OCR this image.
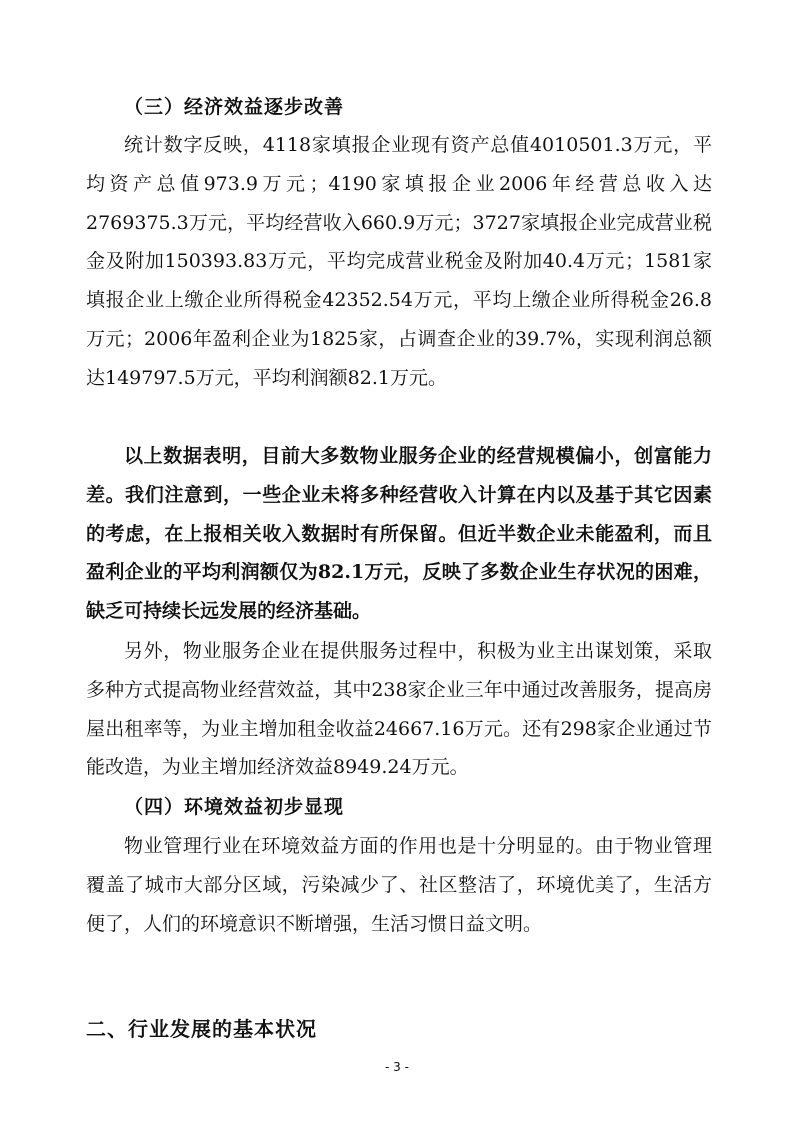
（三）经济效益逐步改善
统计数字反映，4118家填报企业现有资产总值4010501.3万元，平均资产总值973.9万元；4190家填报企业2006年经营总收入达2769375.3万元，平均经营收入660.9万元；3727家填报企业完成营业税金及附加150393.83万元，平均完成营业税金及附加40.4万元；1581家填报企业上缴企业所得税金42352.54万元，平均上缴企业所得税金26.8万元；2006年盈利企业为1825家，占调查企业的39.7%，实现利润总额达149797.5万元，平均利润额82.1万元。
以上数据表明，目前大多数物业服务企业的经营规模偏小，创富能力差。我们注意到，一些企业未将多种经营收入计算在内以及基于其它因素的考虑，在上报相关收入数据时有所保留。但近半数企业未能盈利，而且盈利企业的平均利润额仅为82.1万元，反映了多数企业生存状况的困难，缺乏可持续长远发展的经济基础。
另外，物业服务企业在提供服务过程中，积极为业主出谋划策，采取多种方式提高物业经营效益，其中238家企业三年中通过改善服务，提高房屋出租率等，为业主增加租金收益24667.16万元。还有298家企业通过节能改造，为业主增加经济效益8949.24万元。
（四）环境效益初步显现
物业管理行业在环境效益方面的作用也是十分明显的。由于物业管理覆盖了城市大部分区域，污染减少了、社区整洁了，环境优美了，生活方便了，人们的环境意识不断增强，生活习惯日益文明。
二、行业发展的基本状况
- 3 -
